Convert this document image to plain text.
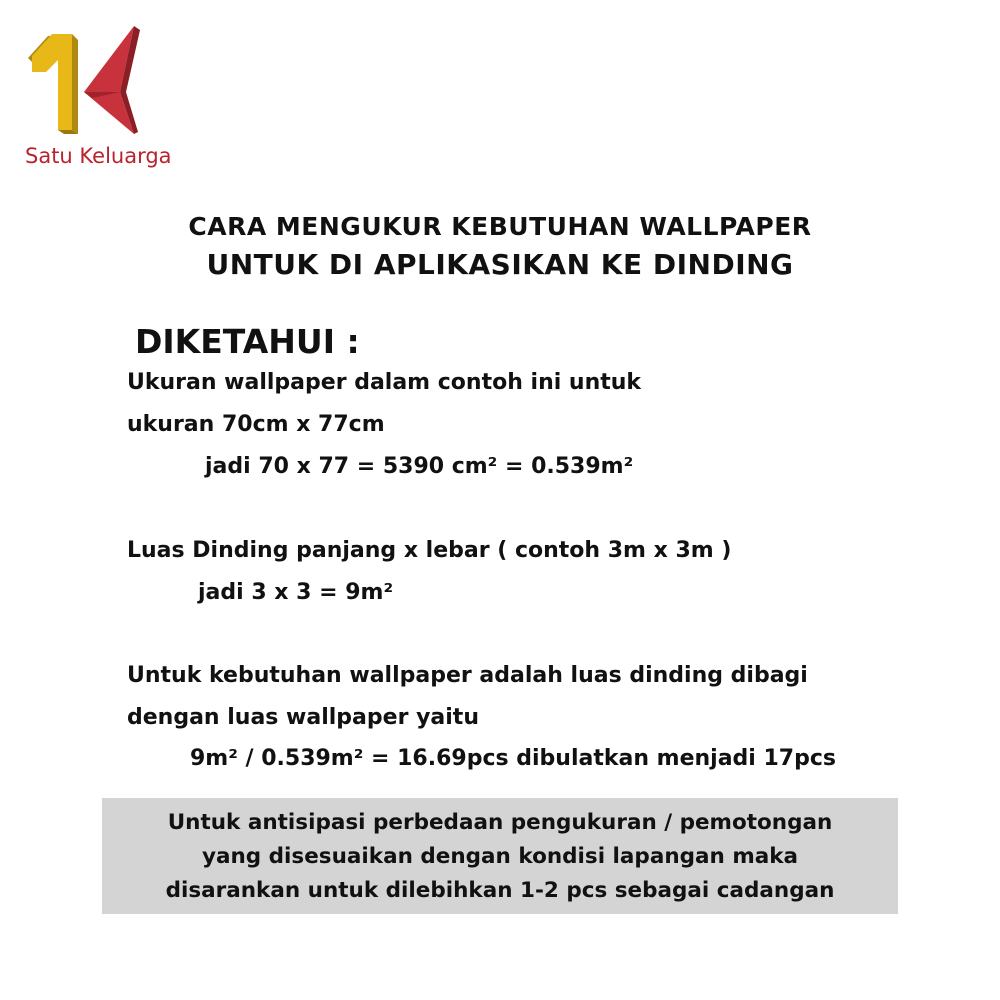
Satu Keluarga
CARA MENGUKUR KEBUTUHAN WALLPAPER
UNTUK DI APLIKASIKAN KE DINDING
DIKETAHUI :
Ukuran wallpaper dalam contoh ini untuk
ukuran 70cm x 77cm
jadi 70 x 77 = 5390 cm² = 0.539m²
Luas Dinding panjang x lebar ( contoh 3m x 3m )
jadi 3 x 3 = 9m²
Untuk kebutuhan wallpaper adalah luas dinding dibagi
dengan luas wallpaper yaitu
9m² / 0.539m² = 16.69pcs dibulatkan menjadi 17pcs
Untuk antisipasi perbedaan pengukuran / pemotongan
yang disesuaikan dengan kondisi lapangan maka
disarankan untuk dilebihkan 1-2 pcs sebagai cadangan
